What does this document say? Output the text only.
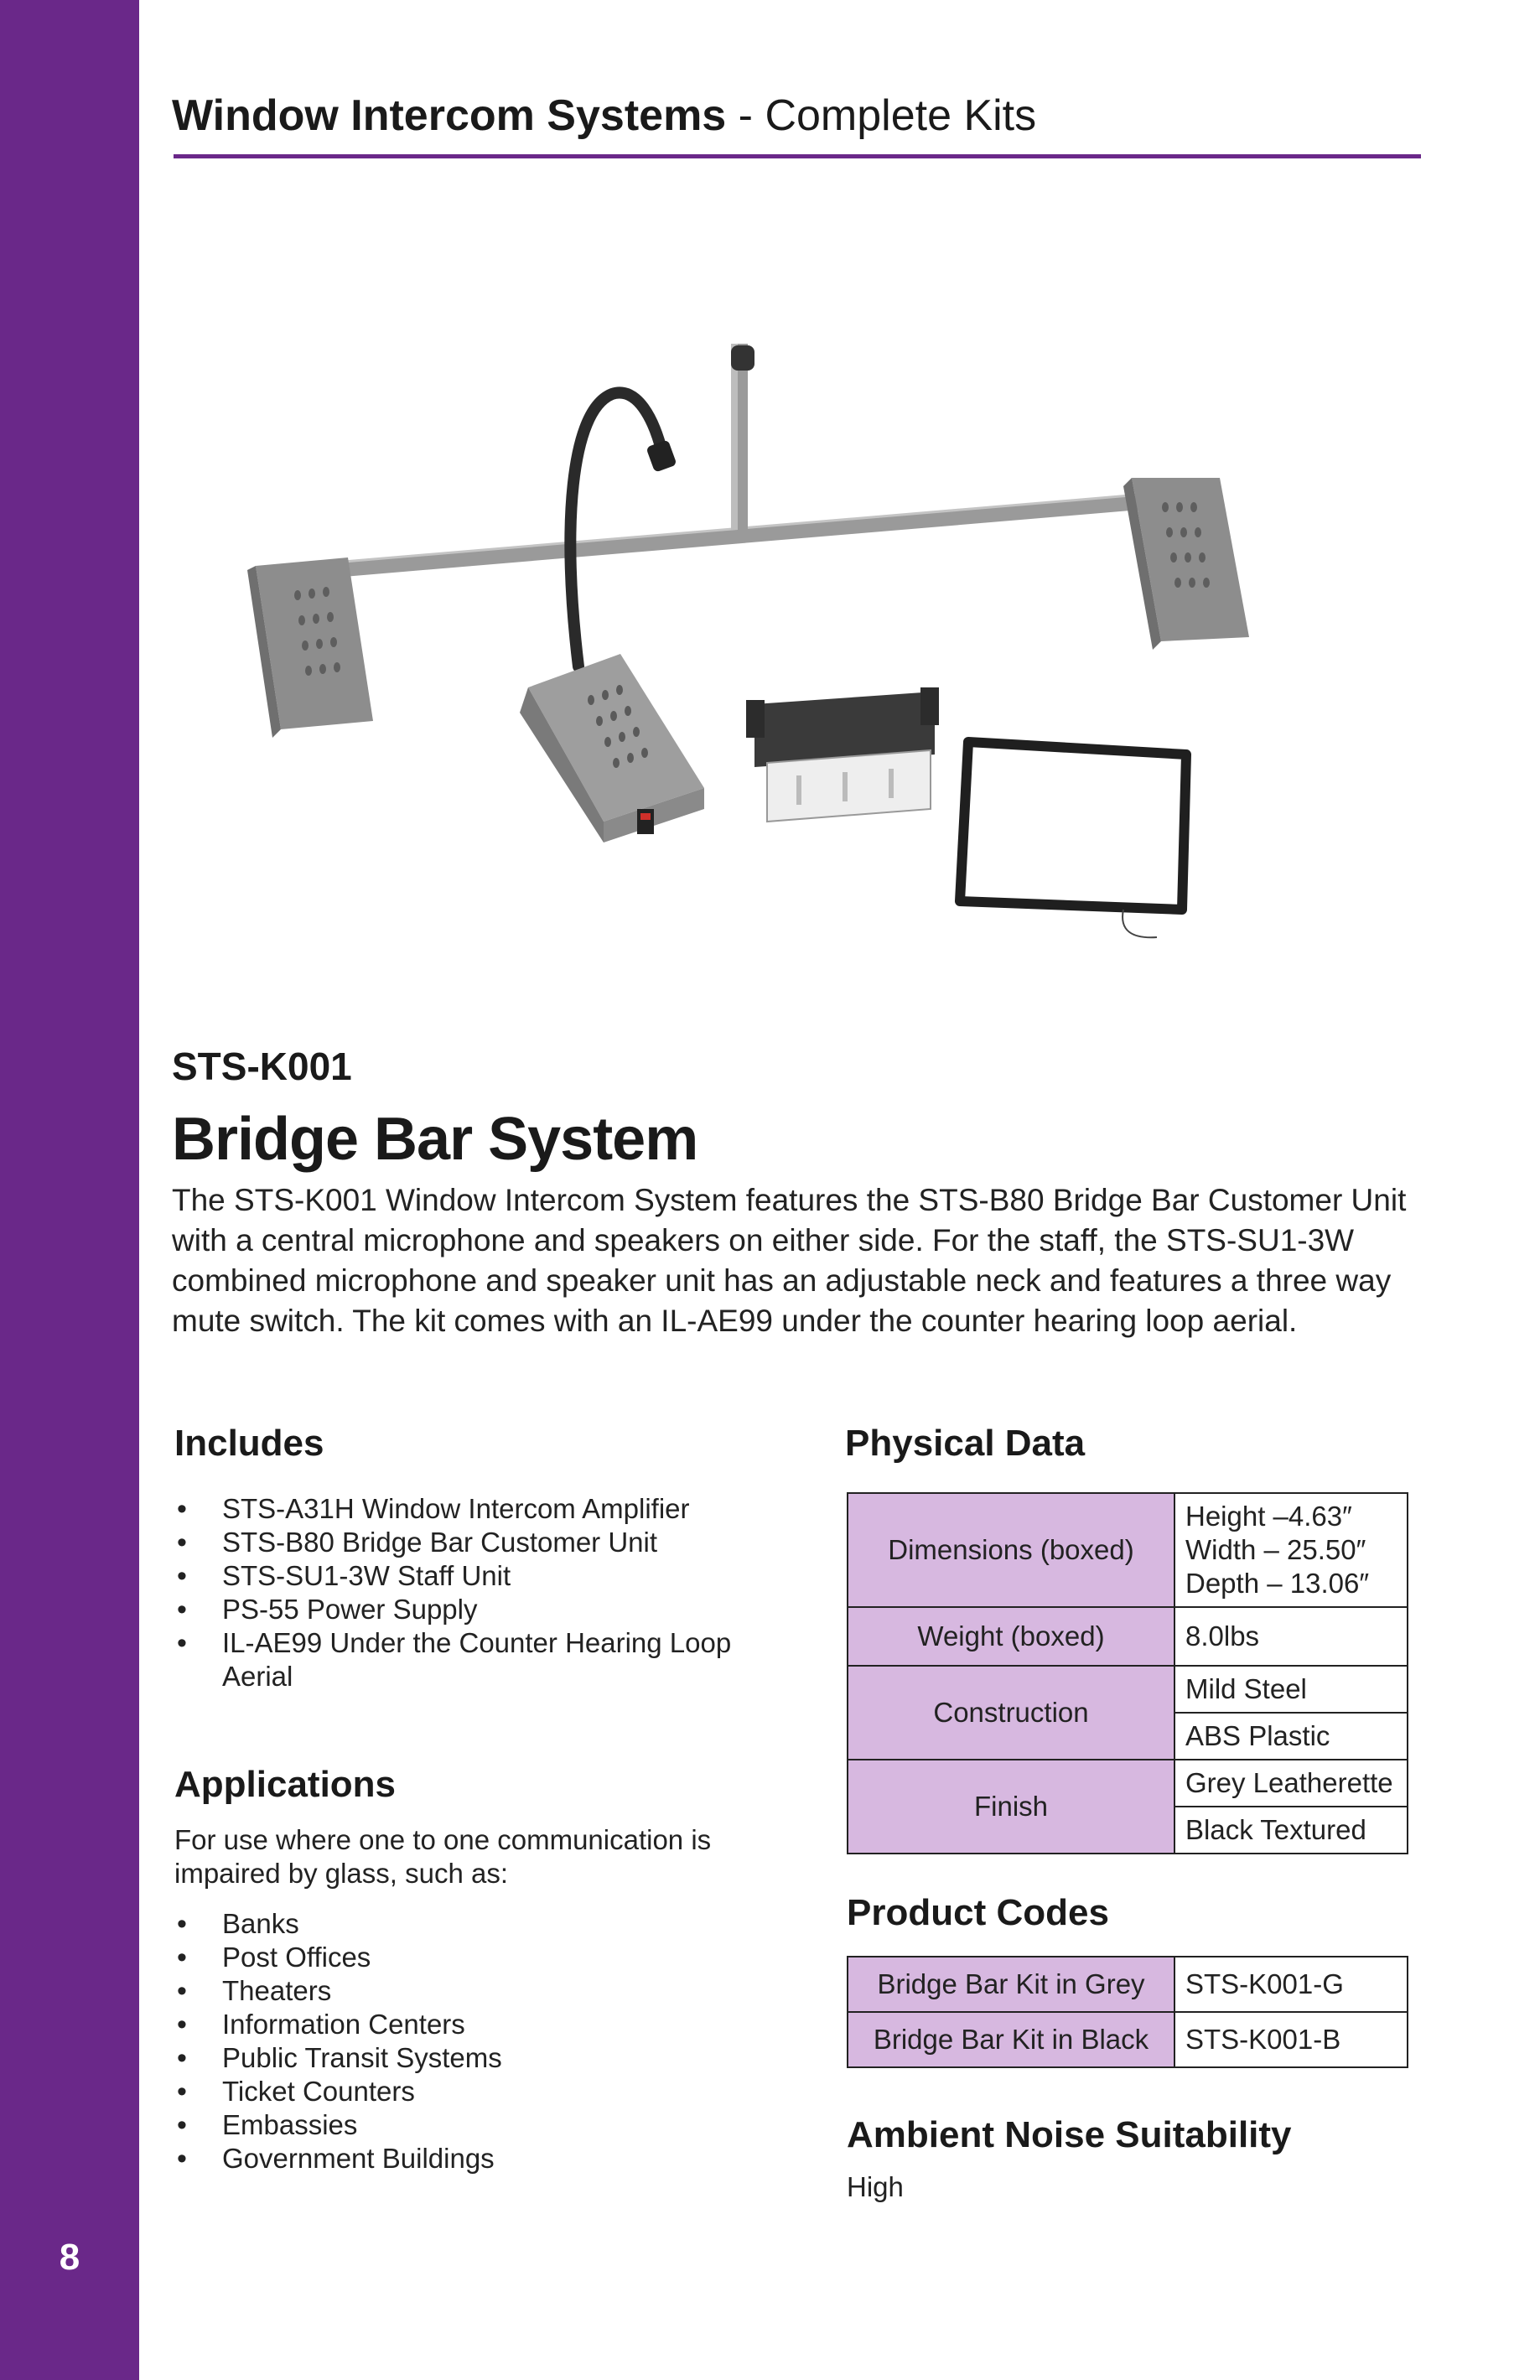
8
Window Intercom Systems - Complete Kits
STS-K001
Bridge Bar System
The STS-K001 Window Intercom System features the STS-B80 Bridge Bar Customer Unit with a central microphone and speakers on either side. For the staff, the STS-SU1-3W combined microphone and speaker unit has an adjustable neck and features a three way mute switch. The kit comes with an IL-AE99 under the counter hearing loop aerial.
Includes
• STS-A31H Window Intercom Amplifier
• STS-B80 Bridge Bar Customer Unit
• STS-SU1-3W Staff Unit
• PS-55 Power Supply
• IL-AE99 Under the Counter Hearing Loop Aerial
Applications
For use where one to one communication is impaired by glass, such as:
• Banks
• Post Offices
• Theaters
• Information Centers
• Public Transit Systems
• Ticket Counters
• Embassies
• Government Buildings
Physical Data
Dimensions (boxed)	Height –4.63″
Width – 25.50″
Depth – 13.06″

Weight (boxed)	8.0lbs
Construction	Mild Steel
	ABS Plastic
Finish	Grey Leatherette
	Black Textured
Product Codes
Bridge Bar Kit in Grey	STS-K001-G
Bridge Bar Kit in Black	STS-K001-B
Ambient Noise Suitability
High
